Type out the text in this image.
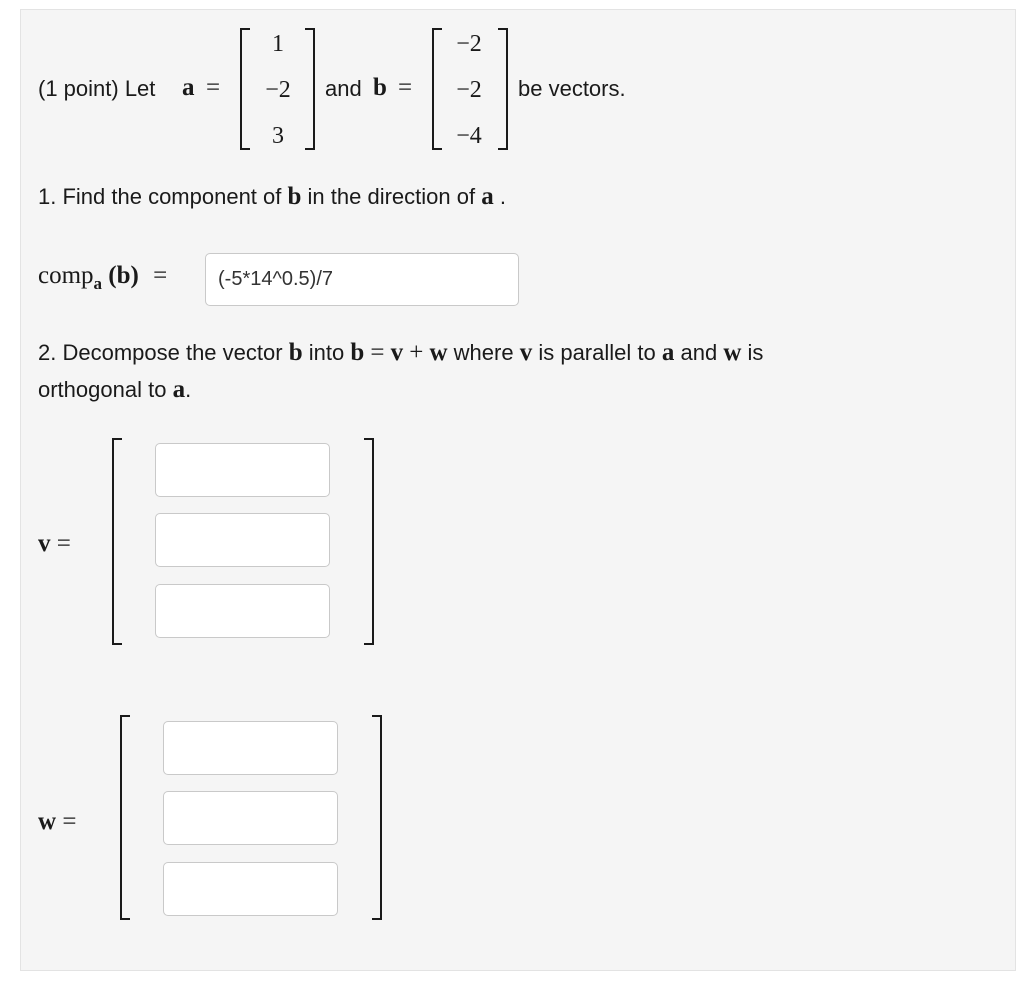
(1 point) Let a =
1
−2
3
and b =
−2
−2
−4
be vectors.
1. Find the component of b in the direction of a .
comp$_a$ (b) =
(-5*14^0.5)/7
2. Decompose the vector b into b = v + w where v is parallel to a and w is
orthogonal to a.
v =
w =
